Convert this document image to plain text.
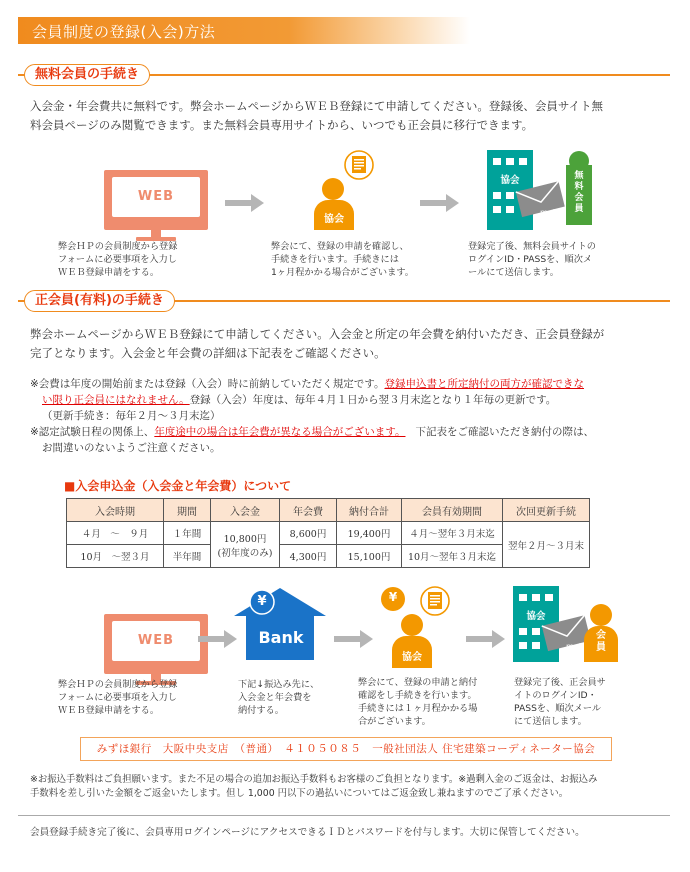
会員制度の登録(入会)方法
無料会員の手続き
入会金・年会費共に無料です。弊会ホームページからＷＥＢ登録にて申請してください。登録後、会員サイト無
料会員ページのみ閲覧できます。また無料会員専用サイトから、いつでも正会員に移行できます。
WEB
協会
協会
mail
無
料
会
員
弊会ＨＰの会員制度から登録
フォームに必要事項を入力し
ＷＥＢ登録申請をする。
弊会にて、登録の申請を確認し、
手続きを行います。手続きには
1ヶ月程かかる場合がございます。
登録完了後、無料会員サイトの
ログインID・PASSを、順次メ
ールにて送信します。
正会員(有料)の手続き
弊会ホームページからＷＥＢ登録にて申請してください。入会金と所定の年会費を納付いただき、正会員登録が
完了となります。入会金と年会費の詳細は下記表をご確認ください。
※会費は年度の開始前または登録（入会）時に前納していただく規定です。登録申込書と所定納付の両方が確認できな
い限り正会員にはなれません。登録（入会）年度は、毎年４月１日から翌３月末迄となり１年毎の更新です。
（更新手続き：毎年２月～３月末迄）
※認定試験日程の関係上、年度途中の場合は年会費が異なる場合がございます。 下記表をご確認いただき納付の際は、
お間違いのないようご注意ください。
■入会申込金（入会金と年会費）について
入会時期	期間	入会金	年会費	納付合計	会員有効期間	次回更新手続
４月　～　９月	１年間	10,800円
(初年度のみ)	8,600円	19,400円	４月～翌年３月末迄	翌年２月～３月末
10月　～翌３月	半年間		4,300円	15,100円	10月～翌年３月末迄	
WEB
¥
Bank
協会
¥
協会
mail
会
員
弊会ＨＰの会員制度から登録
フォームに必要事項を入力し
ＷＥＢ登録申請をする。
下記↓振込み先に、
入会金と年会費を
納付する。
弊会にて、登録の申請と納付
確認をし手続きを行います。
手続きには１ヶ月程かかる場
合がございます。
登録完了後、正会員サ
イトのログインID・
PASSを、順次メール
にて送信します。
みずほ銀行　大阪中央支店　（普通）　４１０５０８５　一般社団法人 住宅建築コーディネーター協会
※お振込手数料はご負担願います。また不足の場合の追加お振込手数料もお客様のご負担となります。※過剰入金のご返金は、お振込み
手数料を差し引いた金額をご返金いたします。但し 1,000 円以下の過払いについてはご返金致し兼ねますのでご了承ください。
会員登録手続き完了後に、会員専用ログインページにアクセスできるＩＤとパスワードを付与します。大切に保管してください。
